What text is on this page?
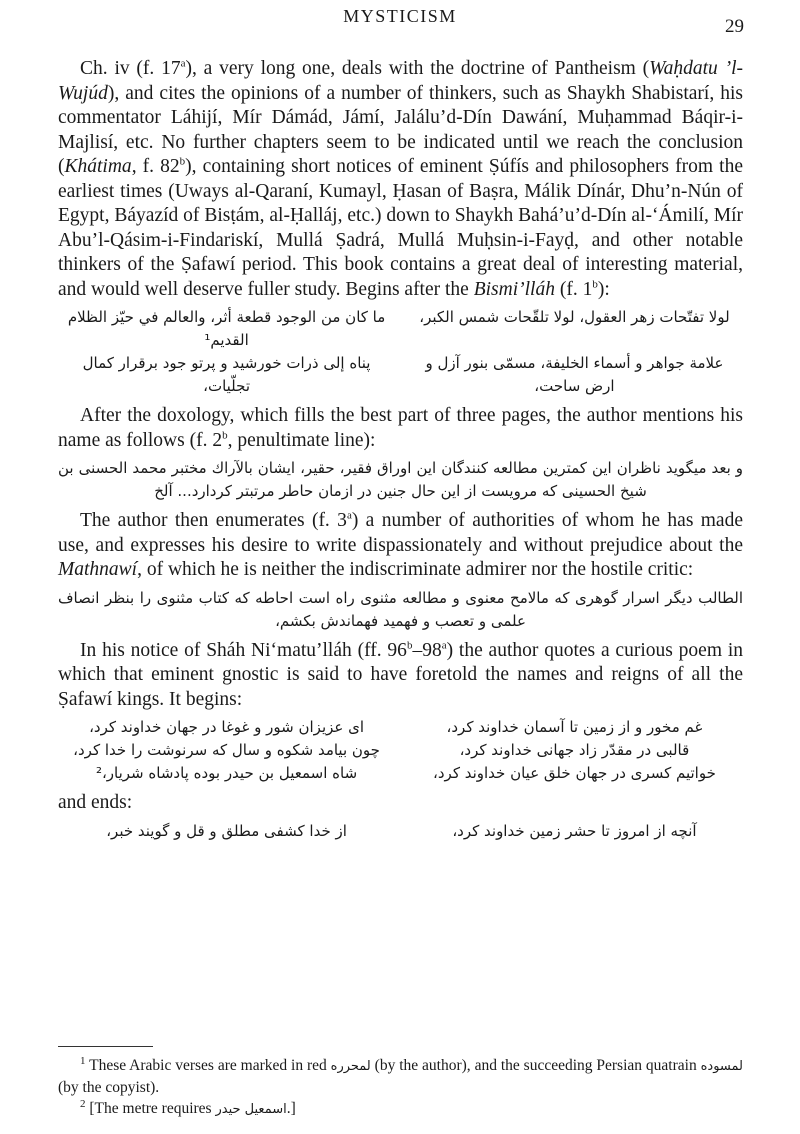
MYSTICISM	29

Ch. iv (f. 17$^a$), a very long one, deals with the doctrine of Pantheism (Waḥdatu ’l-Wujúd), and cites the opinions of a number of thinkers, such as Shaykh Shabistarí, his commentator Láhijí, Mír Dámád, Jámí, Jalálu’d-Dín Dawání, Muḥammad Báqir-i-Majlisí, etc. No further chapters seem to be indicated until we reach the conclusion (Khátima, f. 82$^b$), containing short notices of eminent Ṣúfís and philosophers from the earliest times (Uways al-Qaraní, Kumayl, Ḥasan of Baṣra, Málik Dínár, Dhu’n-Nún of Egypt, Báyazíd of Bisṭám, al-Ḥalláj, etc.) down to Shaykh Bahá’u’d-Dín al-‘Ámilí, Mír Abu’l-Qásim-i-Findariskí, Mullá Ṣadrá, Mullá Muḥsin-i-Fayḍ, and other notable thinkers of the Ṣafawí period. This book contains a great deal of interesting material, and would well deserve fuller study. Begins after the Bismi’lláh (f. 1$^b$):

لولا تفتّحات زهر العقول، لولا تلقّحات شمس الكبر،
ما كان من الوجود قطعة أثر، والعالم في حيّز الظلام القديم¹
علامة جواهر و أسماء الخليفة، مسمّى بنور آزل و ارض ساحت،
پناه إلى ذرات خورشيد و پرتو جود برقرار كمال تجلّيات،

After the doxology, which fills the best part of three pages, the author mentions his name as follows (f. 2$^b$, penultimate line):

و بعد ميگويد ناظران اين كمترين مطالعه كنندگان اين اوراق فقير، حقير، ايشان بالآراك مختبر محمد الحسنى بن شيخ الحسينى كه مرويست از اين حال جنين در ازمان حاطر مرتبتر كردارد... آلخ

The author then enumerates (f. 3$^a$) a number of authorities of whom he has made use, and expresses his desire to write dispassionately and without prejudice about the Mathnawí, of which he is neither the indiscriminate admirer nor the hostile critic:

الطالب ديگر اسرار گوهرى كه مالامح معنوى و مطالعه مثنوى راه است احاطه كه كتاب مثنوى را بنظر انصاف علمى و تعصب و فهميد فهماندش بكشم،

In his notice of Sháh Ni‘matu’lláh (ff. 96$^b$–98$^a$) the author quotes a curious poem in which that eminent gnostic is said to have foretold the names and reigns of all the Ṣafawí kings. It begins:

غم مخور و از زمين تا آسمان خداوند كرد،
اى عزيزان شور و غوغا در جهان خداوند كرد،
قالبى در مقدّر زاد جهانى خداوند كرد،
چون بيامد شكوه و سال كه سرنوشت را خدا كرد،
خواتيم كسرى در جهان خلق عيان خداوند كرد،
شاه اسمعيل بن حيدر بوده پادشاه شريار،²

and ends:

آنچه از امروز تا حشر زمين خداوند كرد،
از خدا كشفى مطلق و قل و گويند خبر،

$^1$ These Arabic verses are marked in red لمحرره (by the author), and the succeeding Persian quatrain لمسوده (by the copyist).

$^2$ [The metre requires اسمعيل حيدر.]
